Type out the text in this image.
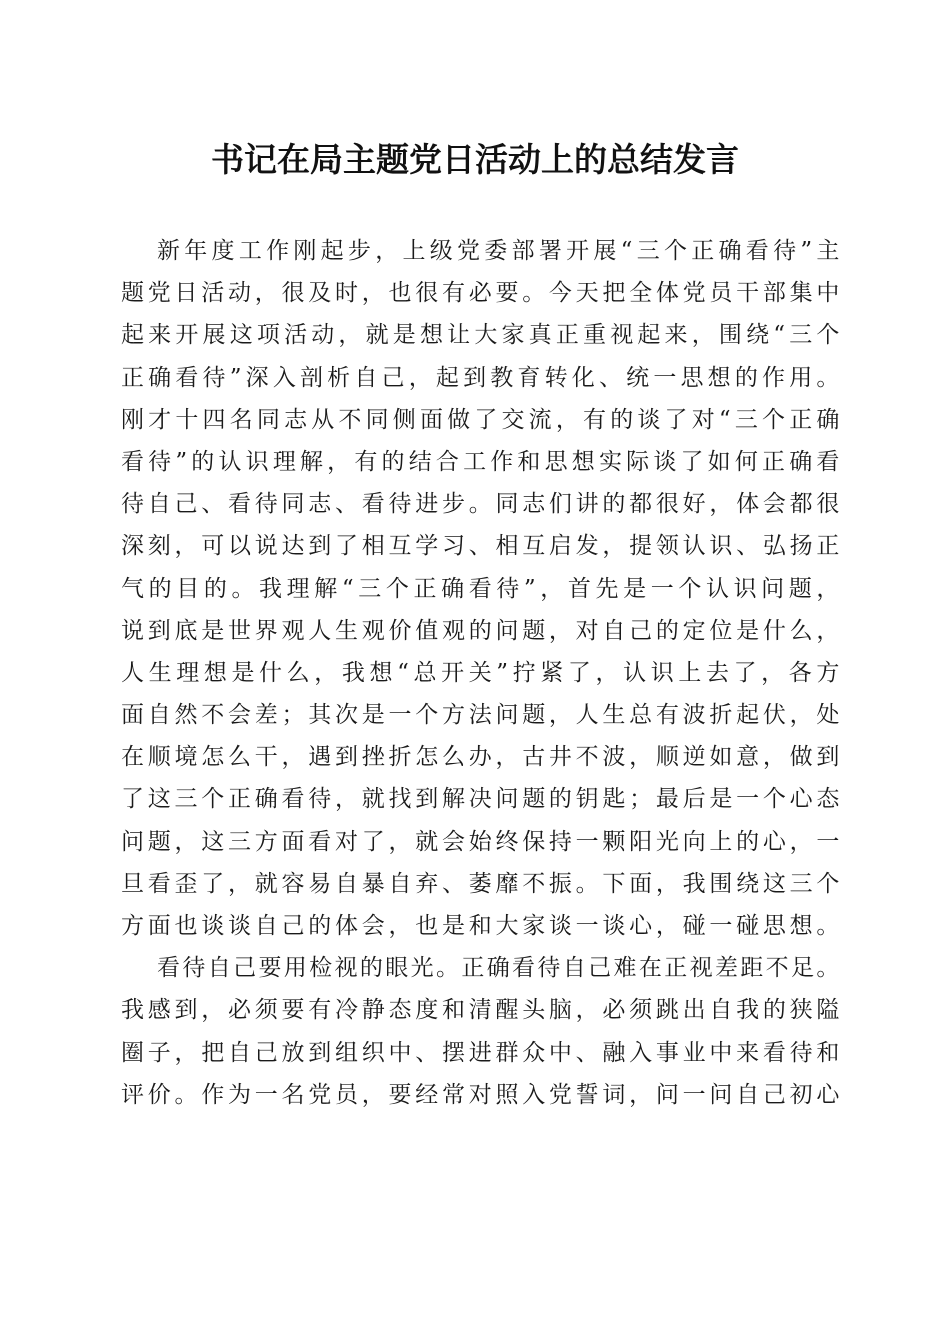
书记在局主题党日活动上的总结发言
新年度工作刚起步，上级党委部署开展“三个正确看待”主
题党日活动，很及时，也很有必要。今天把全体党员干部集中
起来开展这项活动，就是想让大家真正重视起来，围绕“三个
正确看待”深入剖析自己，起到教育转化、统一思想的作用。
刚才十四名同志从不同侧面做了交流，有的谈了对“三个正确
看待”的认识理解，有的结合工作和思想实际谈了如何正确看
待自己、看待同志、看待进步。同志们讲的都很好，体会都很
深刻，可以说达到了相互学习、相互启发，提领认识、弘扬正
气的目的。我理解“三个正确看待”，首先是一个认识问题，
说到底是世界观人生观价值观的问题，对自己的定位是什么，
人生理想是什么，我想“总开关”拧紧了，认识上去了，各方
面自然不会差；其次是一个方法问题，人生总有波折起伏，处
在顺境怎么干，遇到挫折怎么办，古井不波，顺逆如意，做到
了这三个正确看待，就找到解决问题的钥匙；最后是一个心态
问题，这三方面看对了，就会始终保持一颗阳光向上的心，一
旦看歪了，就容易自暴自弃、萎靡不振。下面，我围绕这三个
方面也谈谈自己的体会，也是和大家谈一谈心，碰一碰思想。
看待自己要用检视的眼光。正确看待自己难在正视差距不足。
我感到，必须要有冷静态度和清醒头脑，必须跳出自我的狭隘
圈子，把自己放到组织中、摆进群众中、融入事业中来看待和
评价。作为一名党员，要经常对照入党誓词，问一问自己初心
